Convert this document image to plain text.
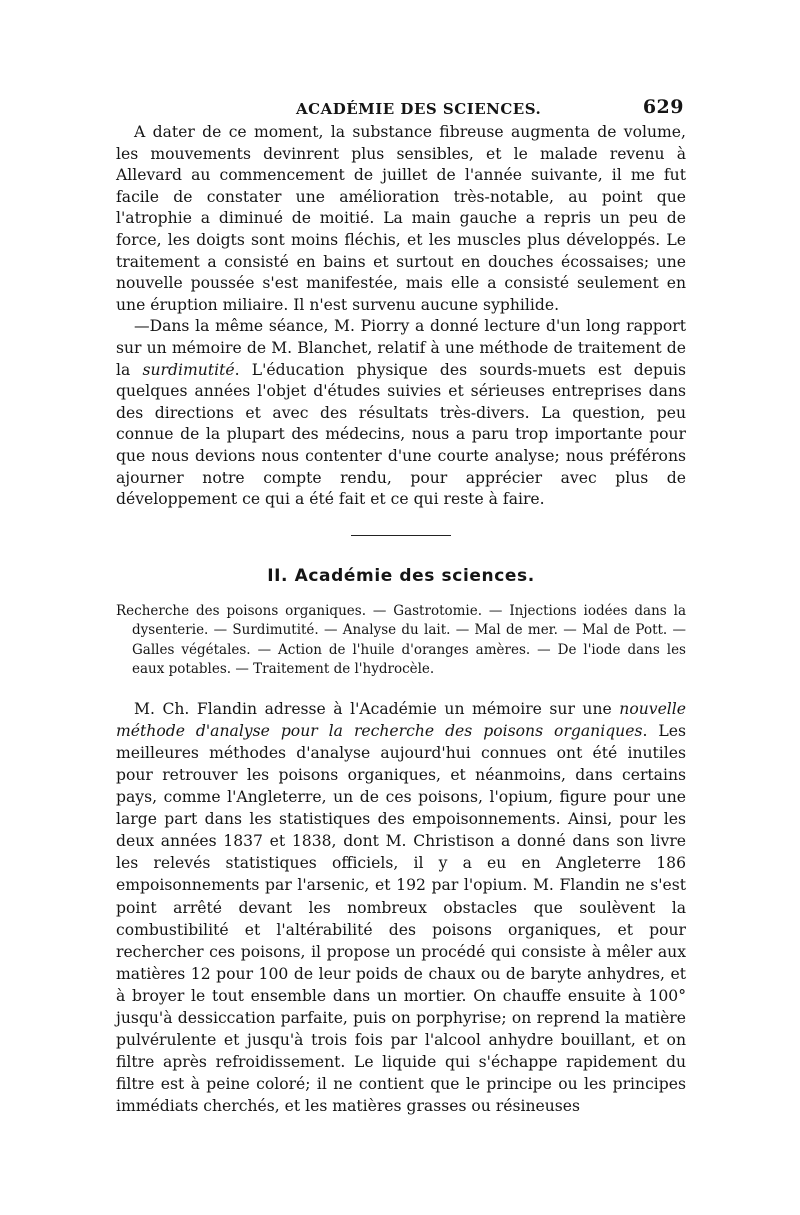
ACADÉMIE DES SCIENCES.	629

A dater de ce moment, la substance fibreuse augmenta de volume, les mouvements devinrent plus sensibles, et le malade revenu à Allevard au commencement de juillet de l'année suivante, il me fut facile de constater une amélioration très-notable, au point que l'atrophie a diminué de moitié. La main gauche a repris un peu de force, les doigts sont moins fléchis, et les muscles plus développés. Le traitement a consisté en bains et surtout en douches écossaises; une nouvelle poussée s'est manifestée, mais elle a consisté seulement en une éruption miliaire. Il n'est survenu aucune syphilide.

—Dans la même séance, M. Piorry a donné lecture d'un long rapport sur un mémoire de M. Blanchet, relatif à une méthode de traitement de la surdimutité. L'éducation physique des sourds-muets est depuis quelques années l'objet d'études suivies et sérieuses entreprises dans des directions et avec des résultats très-divers. La question, peu connue de la plupart des médecins, nous a paru trop importante pour que nous devions nous contenter d'une courte analyse; nous préférons ajourner notre compte rendu, pour apprécier avec plus de développement ce qui a été fait et ce qui reste à faire.

II. Académie des sciences.

Recherche des poisons organiques. — Gastrotomie. — Injections iodées dans la dysenterie. — Surdimutité. — Analyse du lait. — Mal de mer. — Mal de Pott. — Galles végétales. — Action de l'huile d'oranges amères. — De l'iode dans les eaux potables. — Traitement de l'hydrocèle.

M. Ch. Flandin adresse à l'Académie un mémoire sur une nouvelle méthode d'analyse pour la recherche des poisons organiques. Les meilleures méthodes d'analyse aujourd'hui connues ont été inutiles pour retrouver les poisons organiques, et néanmoins, dans certains pays, comme l'Angleterre, un de ces poisons, l'opium, figure pour une large part dans les statistiques des empoisonnements. Ainsi, pour les deux années 1837 et 1838, dont M. Christison a donné dans son livre les relevés statistiques officiels, il y a eu en Angleterre 186 empoisonnements par l'arsenic, et 192 par l'opium. M. Flandin ne s'est point arrêté devant les nombreux obstacles que soulèvent la combustibilité et l'altérabilité des poisons organiques, et pour rechercher ces poisons, il propose un procédé qui consiste à mêler aux matières 12 pour 100 de leur poids de chaux ou de baryte anhydres, et à broyer le tout ensemble dans un mortier. On chauffe ensuite à 100° jusqu'à dessiccation parfaite, puis on porphyrise; on reprend la matière pulvérulente et jusqu'à trois fois par l'alcool anhydre bouillant, et on filtre après refroidissement. Le liquide qui s'échappe rapidement du filtre est à peine coloré; il ne contient que le principe ou les principes immédiats cherchés, et les matières grasses ou résineuses
